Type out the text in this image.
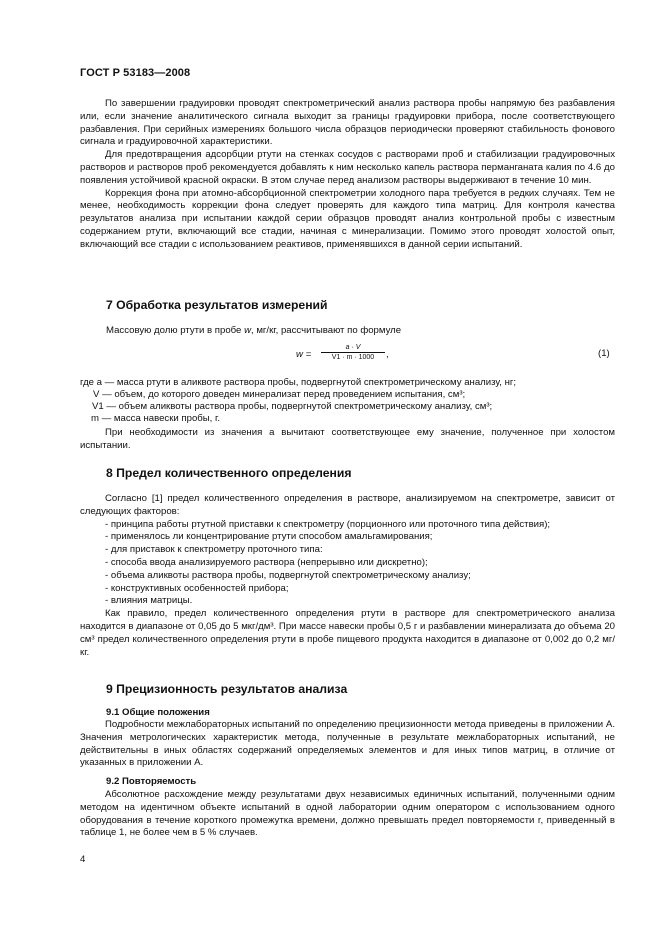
ГОСТ Р 53183—2008

По завершении градуировки проводят спектрометрический анализ раствора пробы напрямую без разбавления или, если значение аналитического сигнала выходит за границы градуировки прибора, после соответствующего разбавления. При серийных измерениях большого числа образцов периодически проверяют стабильность фонового сигнала и градуировочной характеристики.

Для предотвращения адсорбции ртути на стенках сосудов с растворами проб и стабилизации градуировочных растворов и растворов проб рекомендуется добавлять к ним несколько капель раствора перманганата калия по 4.6 до появления устойчивой красной окраски. В этом случае перед анализом растворы выдерживают в течение 10 мин.

Коррекция фона при атомно-абсорбционной спектрометрии холодного пара требуется в редких случаях. Тем не менее, необходимость коррекции фона следует проверять для каждого типа матриц. Для контроля качества результатов анализа при испытании каждой серии образцов проводят анализ контрольной пробы с известным содержанием ртути, включающий все стадии, начиная с минерализации. Помимо этого проводят холостой опыт, включающий все стадии с использованием реактивов, применявшихся в данной серии испытаний.

7 Обработка результатов измерений
Массовую долю ртути в пробе w, мг/кг, рассчитывают по формуле
$w = \frac{a \cdot V}{V1 \cdot m \cdot 1000}$ ,	(1)
где a — масса ртути в аликвоте раствора пробы, подвергнутой спектрометрическому анализу, нг;
V — объем, до которого доведен минерализат перед проведением испытания, см³;
V1 — объем аликвоты раствора пробы, подвергнутой спектрометрическому анализу, см³;
m — масса навески пробы, г.

При необходимости из значения a вычитают соответствующее ему значение, полученное при холостом испытании.

8 Предел количественного определения

Согласно [1] предел количественного определения в растворе, анализируемом на спектрометре, зависит от следующих факторов:

- принципа работы ртутной приставки к спектрометру (порционного или проточного типа действия);
- применялось ли концентрирование ртути способом амальгамирования;
- для приставок к спектрометру проточного типа:
- способа ввода анализируемого раствора (непрерывно или дискретно);
- объема аликвоты раствора пробы, подвергнутой спектрометрическому анализу;
- конструктивных особенностей прибора;
- влияния матрицы.

Как правило, предел количественного определения ртути в растворе для спектрометрического анализа находится в диапазоне от 0,05 до 5 мкг/дм³. При массе навески пробы 0,5 г и разбавлении минерализата до объема 20 см³ предел количественного определения ртути в пробе пищевого продукта находится в диапазоне от 0,002 до 0,2 мг/кг.

9 Прецизионность результатов анализа
9.1 Общие положения

Подробности межлабораторных испытаний по определению прецизионности метода приведены в приложении А. Значения метрологических характеристик метода, полученные в результате межлабораторных испытаний, не действительны в иных областях содержаний определяемых элементов и для иных типов матриц, в отличие от указанных в приложении А.

9.2 Повторяемость

Абсолютное расхождение между результатами двух независимых единичных испытаний, полученными одним методом на идентичном объекте испытаний в одной лаборатории одним оператором с использованием одного оборудования в течение короткого промежутка времени, должно превышать предел повторяемости r, приведенный в таблице 1, не более чем в 5 % случаев.

4
